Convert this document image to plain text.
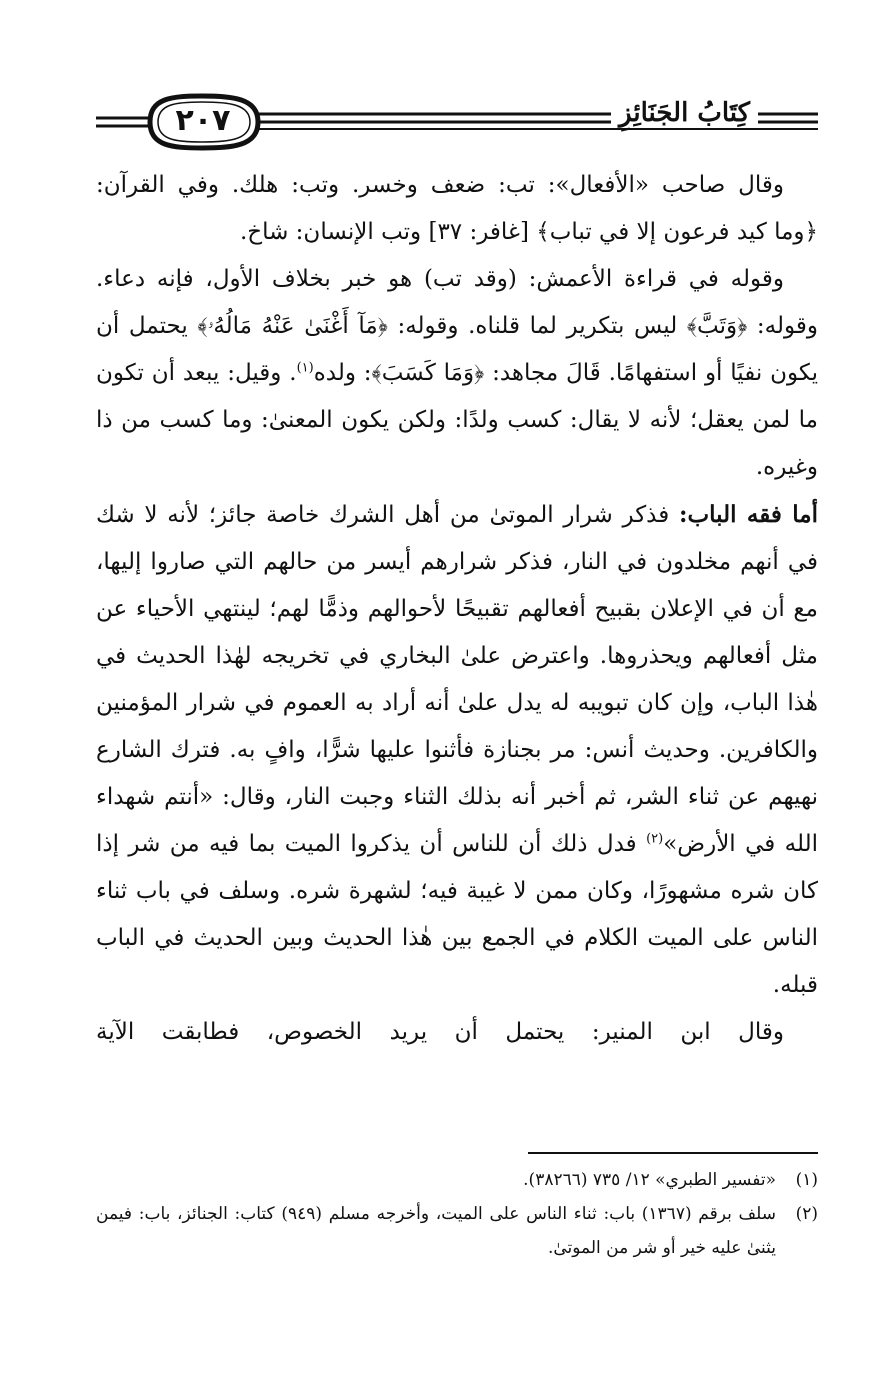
٢٠٧	كِتَابُ الجَنَائِزِ

وقال صاحب «الأفعال»: تب: ضعف وخسر. وتب: هلك. وفي القرآن: ﴿وما كيد فرعون إلا في تباب﴾ [غافر: ٣٧] وتب الإنسان: شاخ.

وقوله في قراءة الأعمش: (وقد تب) هو خبر بخلاف الأول، فإنه دعاء. وقوله: ﴿وَتَبَّ﴾ ليس بتكرير لما قلناه. وقوله: ﴿مَآ أَغْنَىٰ عَنْهُ مَالُهُۥ﴾ يحتمل أن يكون نفيًا أو استفهامًا. قَالَ مجاهد: ﴿وَمَا كَسَبَ﴾: ولده$^{(١)}$. وقيل: يبعد أن تكون ما لمن يعقل؛ لأنه لا يقال: كسب ولدًا: ولكن يكون المعنىٰ: وما كسب من ذا وغيره.

أما فقه الباب: فذكر شرار الموتىٰ من أهل الشرك خاصة جائز؛ لأنه لا شك في أنهم مخلدون في النار، فذكر شرارهم أيسر من حالهم التي صاروا إليها، مع أن في الإعلان بقبيح أفعالهم تقبيحًا لأحوالهم وذمًّا لهم؛ لينتهي الأحياء عن مثل أفعالهم ويحذروها. واعترض علىٰ البخاري في تخريجه لهٰذا الحديث في هٰذا الباب، وإن كان تبويبه له يدل علىٰ أنه أراد به العموم في شرار المؤمنين والكافرين. وحديث أنس: مر بجنازة فأثنوا عليها شرًّا، وافٍ به. فترك الشارع نهيهم عن ثناء الشر، ثم أخبر أنه بذلك الثناء وجبت النار، وقال: «أنتم شهداء الله في الأرض»$^{(٢)}$ فدل ذلك أن للناس أن يذكروا الميت بما فيه من شر إذا كان شره مشهورًا، وكان ممن لا غيبة فيه؛ لشهرة شره. وسلف في باب ثناء الناس على الميت الكلام في الجمع بين هٰذا الحديث وبين الحديث في الباب قبله.

وقال ابن المنير: يحتمل أن يريد الخصوص، فطابقت الآية

(١)
«تفسير الطبري» ١٢/ ٧٣٥ (٣٨٢٦٦).
(٢)
سلف برقم (١٣٦٧) باب: ثناء الناس على الميت، وأخرجه مسلم (٩٤٩) كتاب: الجنائز، باب: فيمن يثنىٰ عليه خير أو شر من الموتىٰ.
